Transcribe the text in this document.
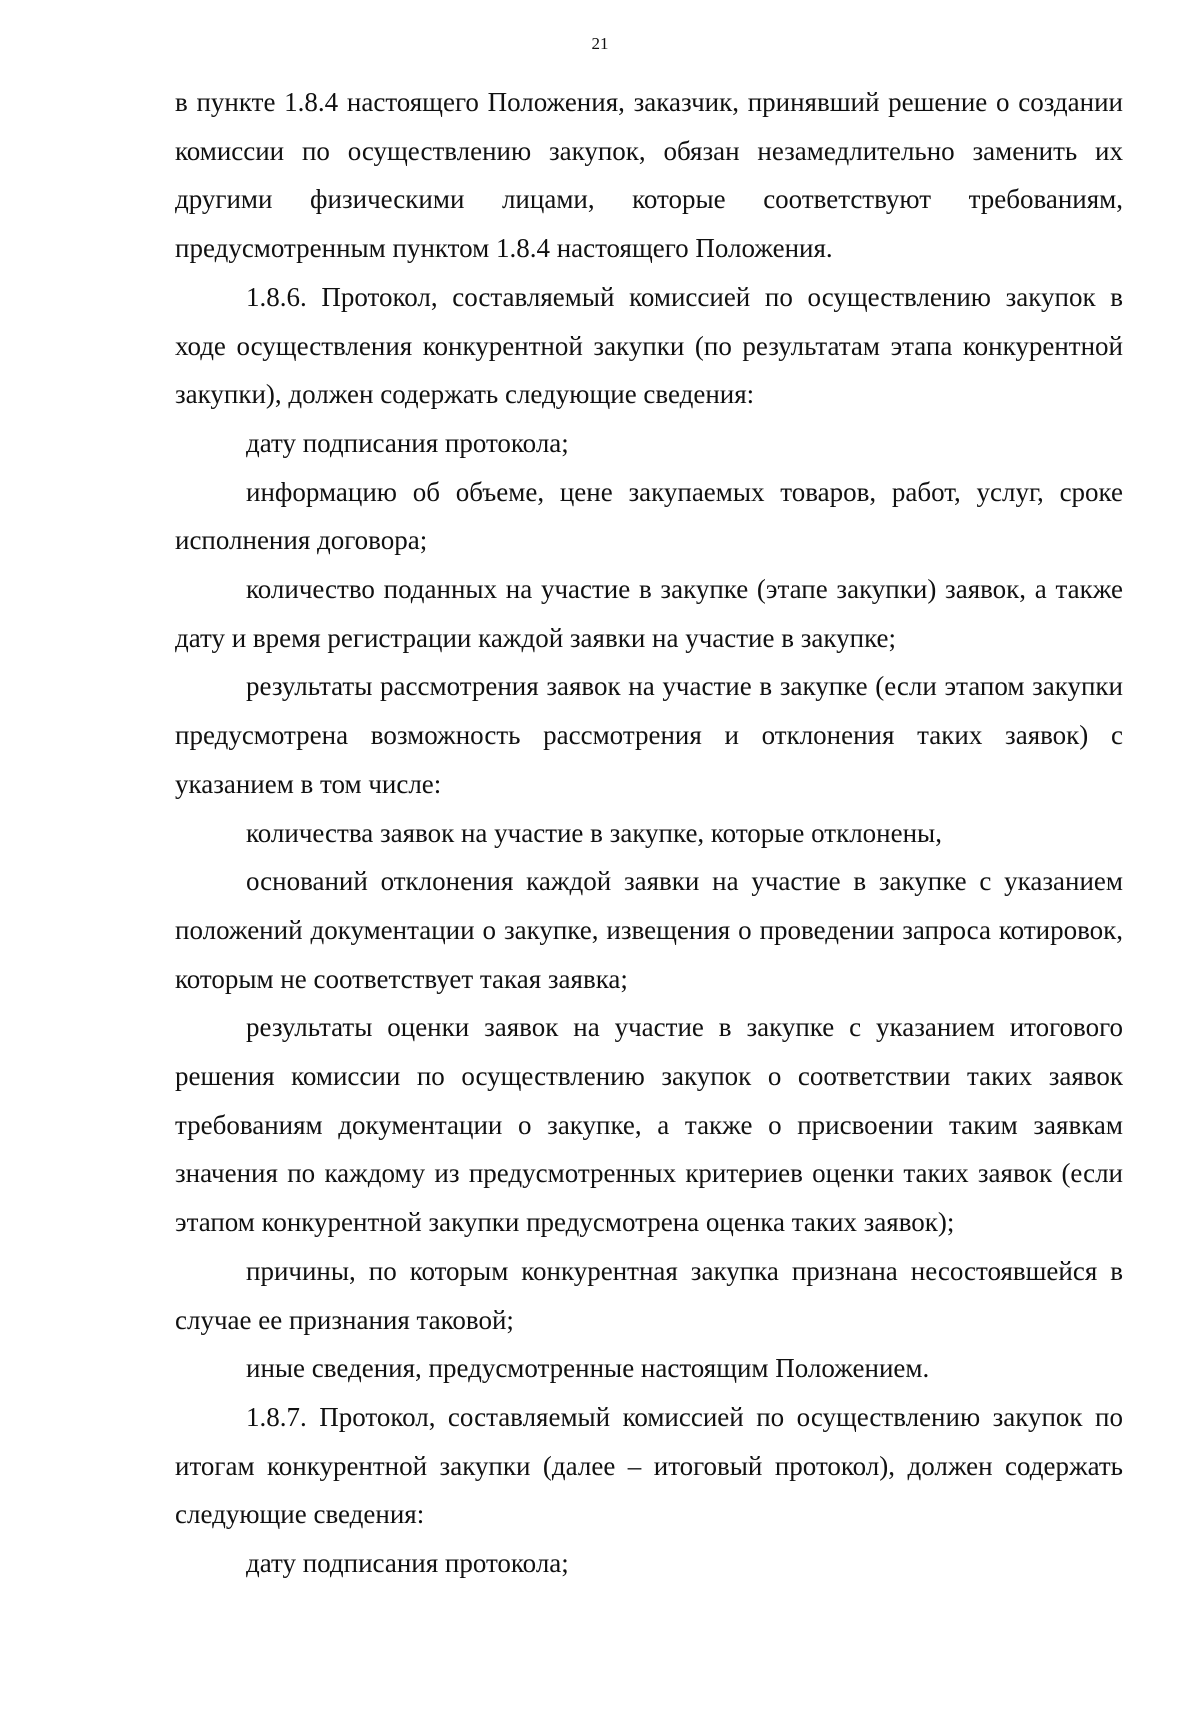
21

в пункте 1.8.4 настоящего Положения, заказчик, принявший решение о создании комиссии по осуществлению закупок, обязан незамедлительно заменить их другими физическими лицами, которые соответствуют требованиям, предусмотренным пунктом 1.8.4 настоящего Положения.

1.8.6. Протокол, составляемый комиссией по осуществлению закупок в ходе осуществления конкурентной закупки (по результатам этапа конкурентной закупки), должен содержать следующие сведения:

дату подписания протокола;

информацию об объеме, цене закупаемых товаров, работ, услуг, сроке исполнения договора;

количество поданных на участие в закупке (этапе закупки) заявок, а также дату и время регистрации каждой заявки на участие в закупке;

результаты рассмотрения заявок на участие в закупке (если этапом закупки предусмотрена возможность рассмотрения и отклонения таких заявок) с указанием в том числе:

количества заявок на участие в закупке, которые отклонены,

оснований отклонения каждой заявки на участие в закупке с указанием положений документации о закупке, извещения о проведении запроса котировок, которым не соответствует такая заявка;

результаты оценки заявок на участие в закупке с указанием итогового решения комиссии по осуществлению закупок о соответствии таких заявок требованиям документации о закупке, а также о присвоении таким заявкам значения по каждому из предусмотренных критериев оценки таких заявок (если этапом конкурентной закупки предусмотрена оценка таких заявок);

причины, по которым конкурентная закупка признана несостоявшейся в случае ее признания таковой;

иные сведения, предусмотренные настоящим Положением.

1.8.7. Протокол, составляемый комиссией по осуществлению закупок по итогам конкурентной закупки (далее – итоговый протокол), должен содержать следующие сведения:

дату подписания протокола;
